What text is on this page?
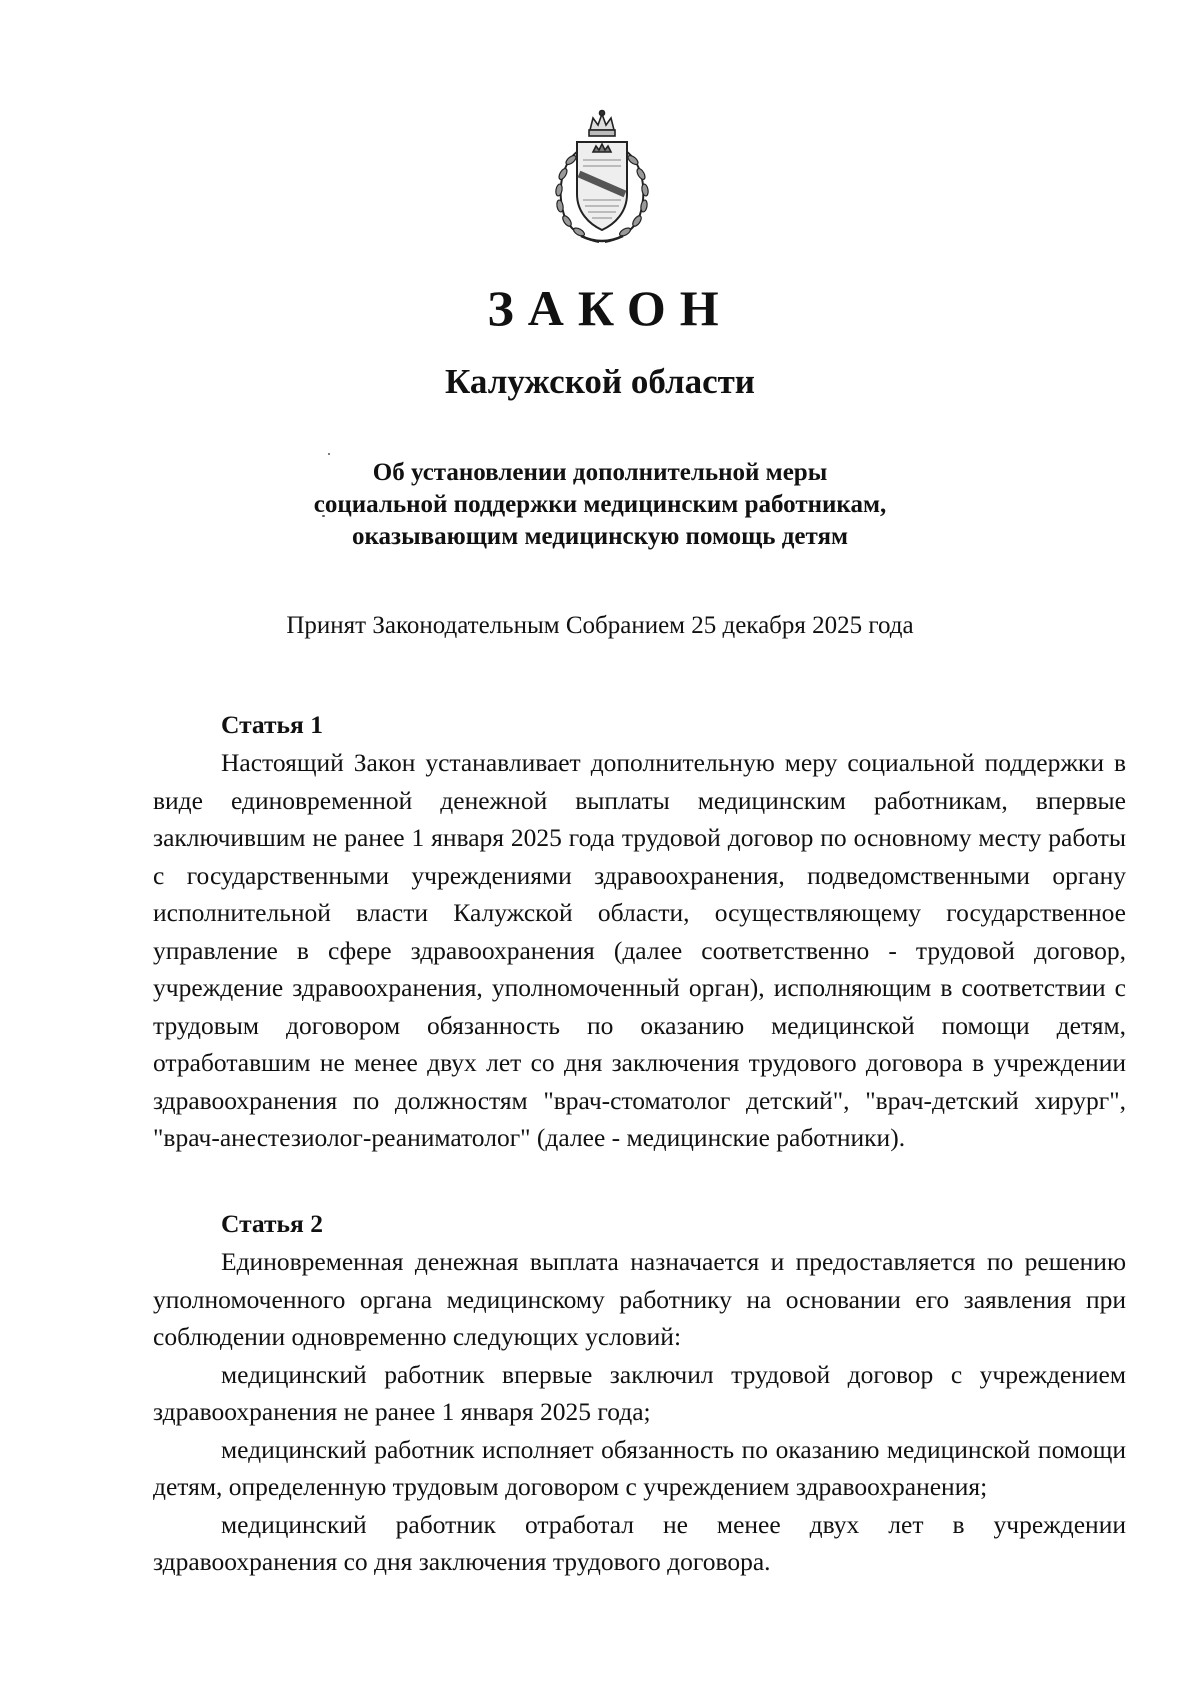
ЗАКОН
Калужской области
Об установлении дополнительной меры
социальной поддержки медицинским работникам,
оказывающим медицинскую помощь детям
Принят Законодательным Собранием 25 декабря 2025 года
Статья 1

Настоящий Закон устанавливает дополнительную меру социальной поддержки в виде единовременной денежной выплаты медицинским работникам, впервые заключившим не ранее 1 января 2025 года трудовой договор по основному месту работы с государственными учреждениями здравоохранения, подведомственными органу исполнительной власти Калужской области, осуществляющему государственное управление в сфере здравоохранения (далее соответственно - трудовой договор, учреждение здравоохранения, уполномоченный орган), исполняющим в соответствии с трудовым договором обязанность по оказанию медицинской помощи детям, отработавшим не менее двух лет со дня заключения трудового договора в учреждении здравоохранения по должностям "врач-стоматолог детский", "врач-детский хирург", "врач-анестезиолог-реаниматолог" (далее - медицинские работники).

Статья 2

Единовременная денежная выплата назначается и предоставляется по решению уполномоченного органа медицинскому работнику на основании его заявления при соблюдении одновременно следующих условий:

медицинский работник впервые заключил трудовой договор с учреждением здравоохранения не ранее 1 января 2025 года;

медицинский работник исполняет обязанность по оказанию медицинской помощи детям, определенную трудовым договором с учреждением здравоохранения;

медицинский работник отработал не менее двух лет в учреждении здравоохранения со дня заключения трудового договора.
